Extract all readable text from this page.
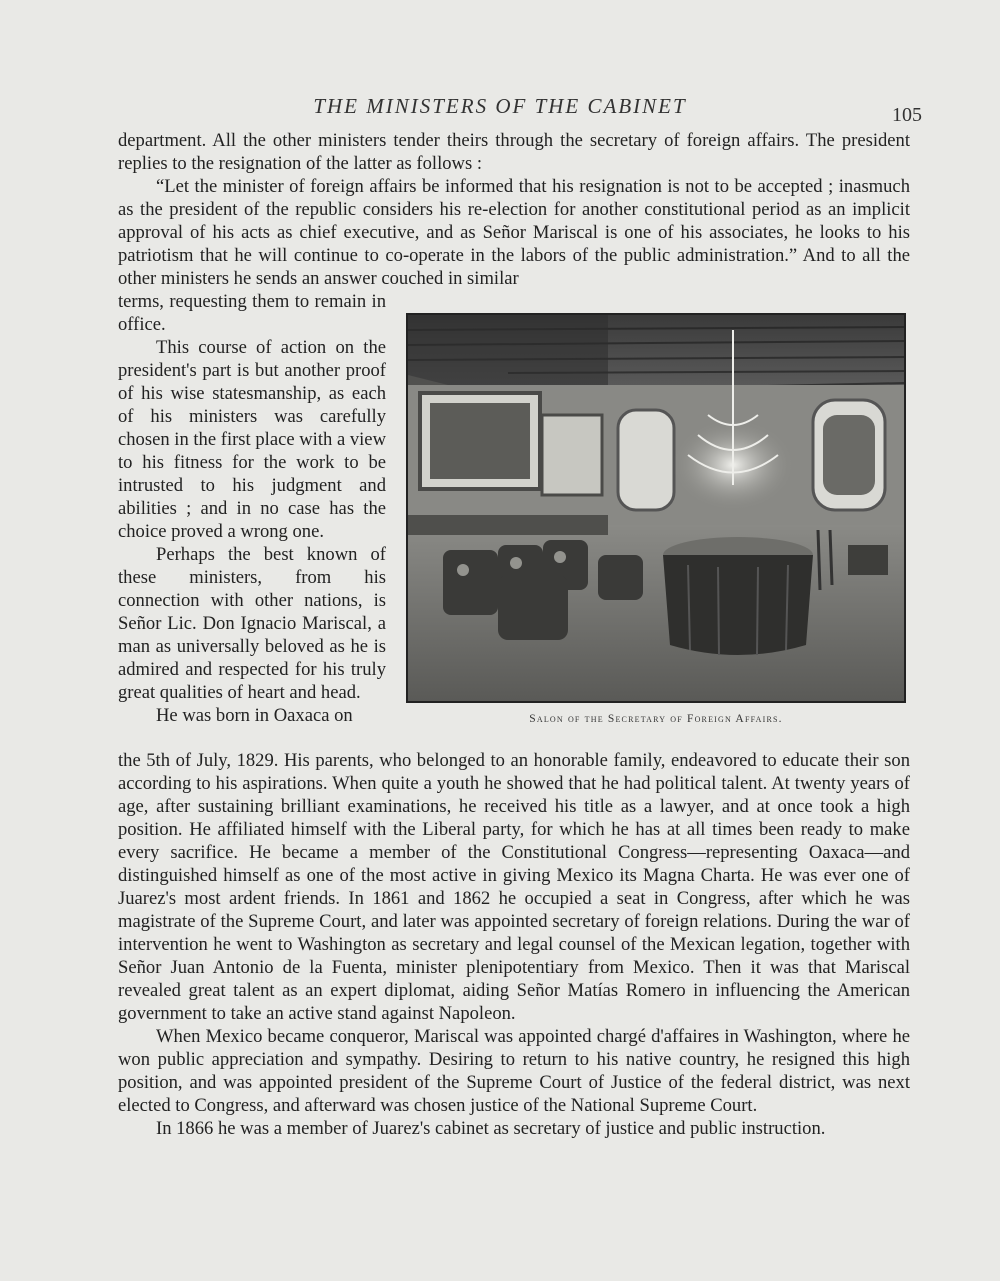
THE MINISTERS OF THE CABINET	105

department. All the other ministers tender theirs through the secretary of foreign affairs. The president replies to the resignation of the latter as follows :

“Let the minister of foreign affairs be informed that his resignation is not to be accepted ; inasmuch as the president of the republic considers his re-election for another constitutional period as an implicit approval of his acts as chief executive, and as Señor Mariscal is one of his associates, he looks to his patriotism that he will continue to co-operate in the labors of the public administration.” And to all the other ministers he sends an answer couched in similar

terms, requesting them to remain in office.

This course of action on the president's part is but another proof of his wise statesmanship, as each of his ministers was carefully chosen in the first place with a view to his fitness for the work to be intrusted to his judgment and abilities ; and in no case has the choice proved a wrong one.

Perhaps the best known of these ministers, from his connection with other nations, is Señor Lic. Don Ignacio Mariscal, a man as universally beloved as he is admired and respected for his truly great qualities of heart and head.

He was born in Oaxaca on	Salon of the Secretary of Foreign Affairs.

the 5th of July, 1829. His parents, who belonged to an honorable family, endeavored to educate their son according to his aspirations. When quite a youth he showed that he had political talent. At twenty years of age, after sustaining brilliant examinations, he received his title as a lawyer, and at once took a high position. He affiliated himself with the Liberal party, for which he has at all times been ready to make every sacrifice. He became a member of the Constitutional Congress—representing Oaxaca—and distinguished himself as one of the most active in giving Mexico its Magna Charta. He was ever one of Juarez's most ardent friends. In 1861 and 1862 he occupied a seat in Congress, after which he was magistrate of the Supreme Court, and later was appointed secretary of foreign relations. During the war of intervention he went to Washington as secretary and legal counsel of the Mexican legation, together with Señor Juan Antonio de la Fuenta, minister plenipotentiary from Mexico. Then it was that Mariscal revealed great talent as an expert diplomat, aiding Señor Matías Romero in influencing the American government to take an active stand against Napoleon.

When Mexico became conqueror, Mariscal was appointed chargé d'affaires in Washington, where he won public appreciation and sympathy. Desiring to return to his native country, he resigned this high position, and was appointed president of the Supreme Court of Justice of the federal district, was next elected to Congress, and afterward was chosen justice of the National Supreme Court.

In 1866 he was a member of Juarez's cabinet as secretary of justice and public instruction.
